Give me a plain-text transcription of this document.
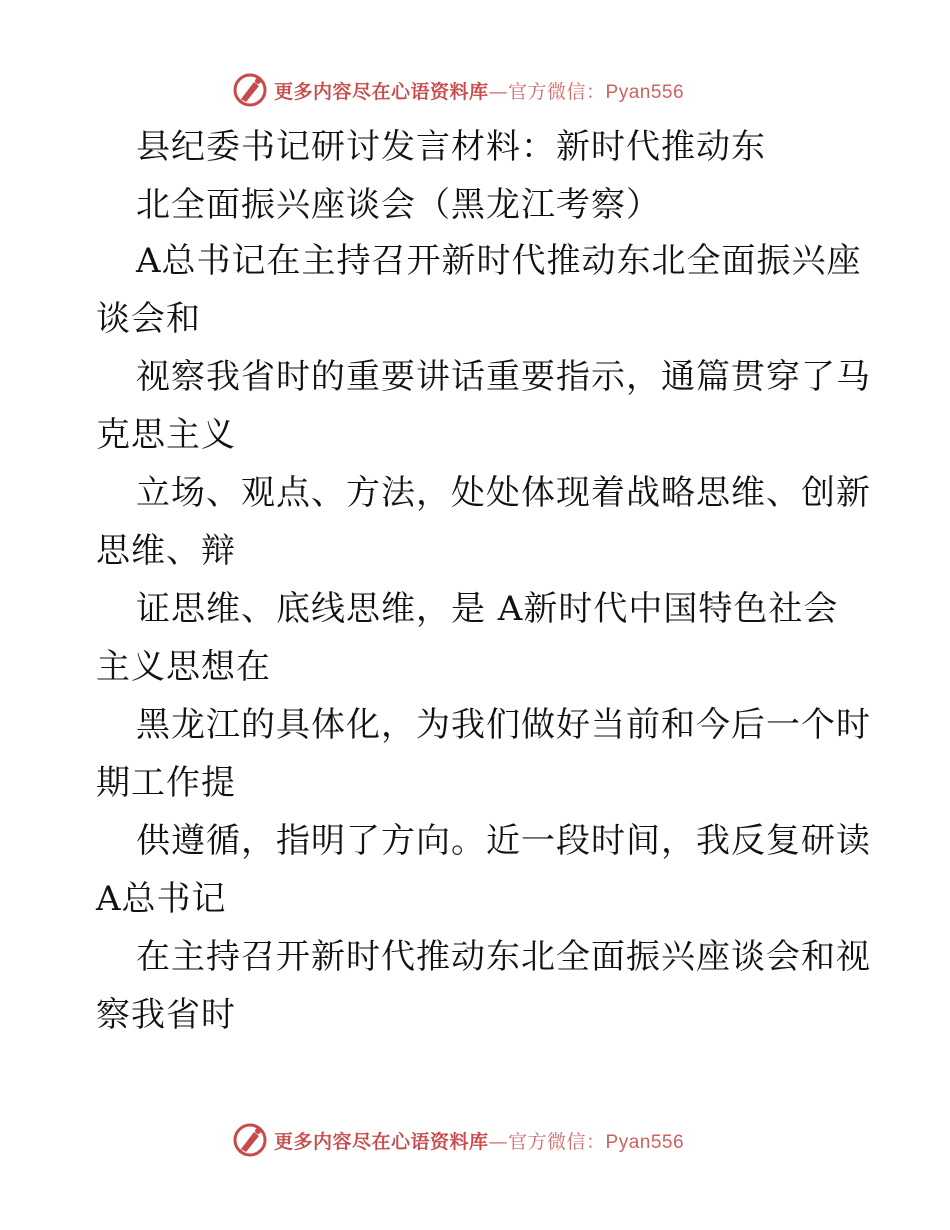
更多内容尽在心语资料库—官方微信：Pyan556
县纪委书记研讨发言材料：新时代推动东
北全面振兴座谈会（黑龙江考察）

A总书记在主持召开新时代推动东北全面振兴座
谈会和

视察我省时的重要讲话重要指示，通篇贯穿了马
克思主义

立场、观点、方法，处处体现着战略思维、创新
思维、辩

证思维、底线思维，是 A新时代中国特色社会
主义思想在

黑龙江的具体化，为我们做好当前和今后一个时
期工作提

供遵循，指明了方向。近一段时间，我反复研读
A总书记

在主持召开新时代推动东北全面振兴座谈会和视
察我省时

更多内容尽在心语资料库—官方微信：Pyan556
